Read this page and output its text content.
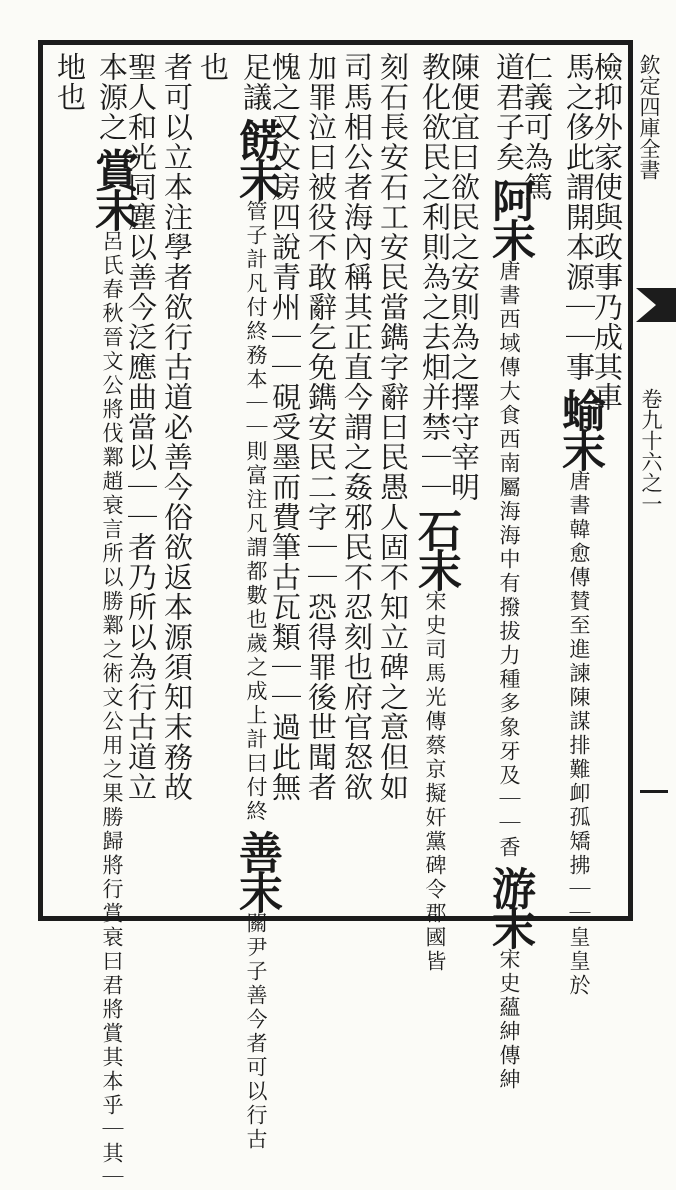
欽定四庫全書
卷九十六之一
檢抑外家使與政事乃成其車
馬之侈此謂開本源｜｜事蝓末唐書韓愈傳賛至進諫陳謀排難卹孤矯拂｜｜皇皇於
仁義可為篤
道君子矣阿末唐書西域傳大食西南屬海海中有撥拔力種多象牙及｜｜香游末宋史蘊紳傳紳
陳便宜曰欲民之安則為之擇守宰明
教化欲民之利則為之去𤇆并禁｜｜石末宋史司馬光傳蔡京擬奸黨碑令郡國皆
刻石長安石工安民當鐫字辭曰民愚人固不知立碑之意但如
司馬相公者海內稱其正直今謂之姦邪民不忍刻也府官怒欲
加罪泣曰被役不敢辭乞免鐫安民二字｜｜恐得罪後世聞者
愧之又文房四說青州｜｜硯受墨而費筆古瓦類｜｜過此無
足議餝末管子計凡付終務本｜｜則富注凡謂都數也歲之成上計曰付終善末關尹子善今者可以行古
也
者可以立本注學者欲行古道必善今俗欲返本源須知末務故
聖人和光同塵以善今泛應曲當以｜｜者乃所以為行古道立
本源之賞末呂氏春秋晉文公將伐鄴趙衰言所以勝鄴之術文公用之果勝歸將行賞衰曰君將賞其本乎｜其｜
地也
